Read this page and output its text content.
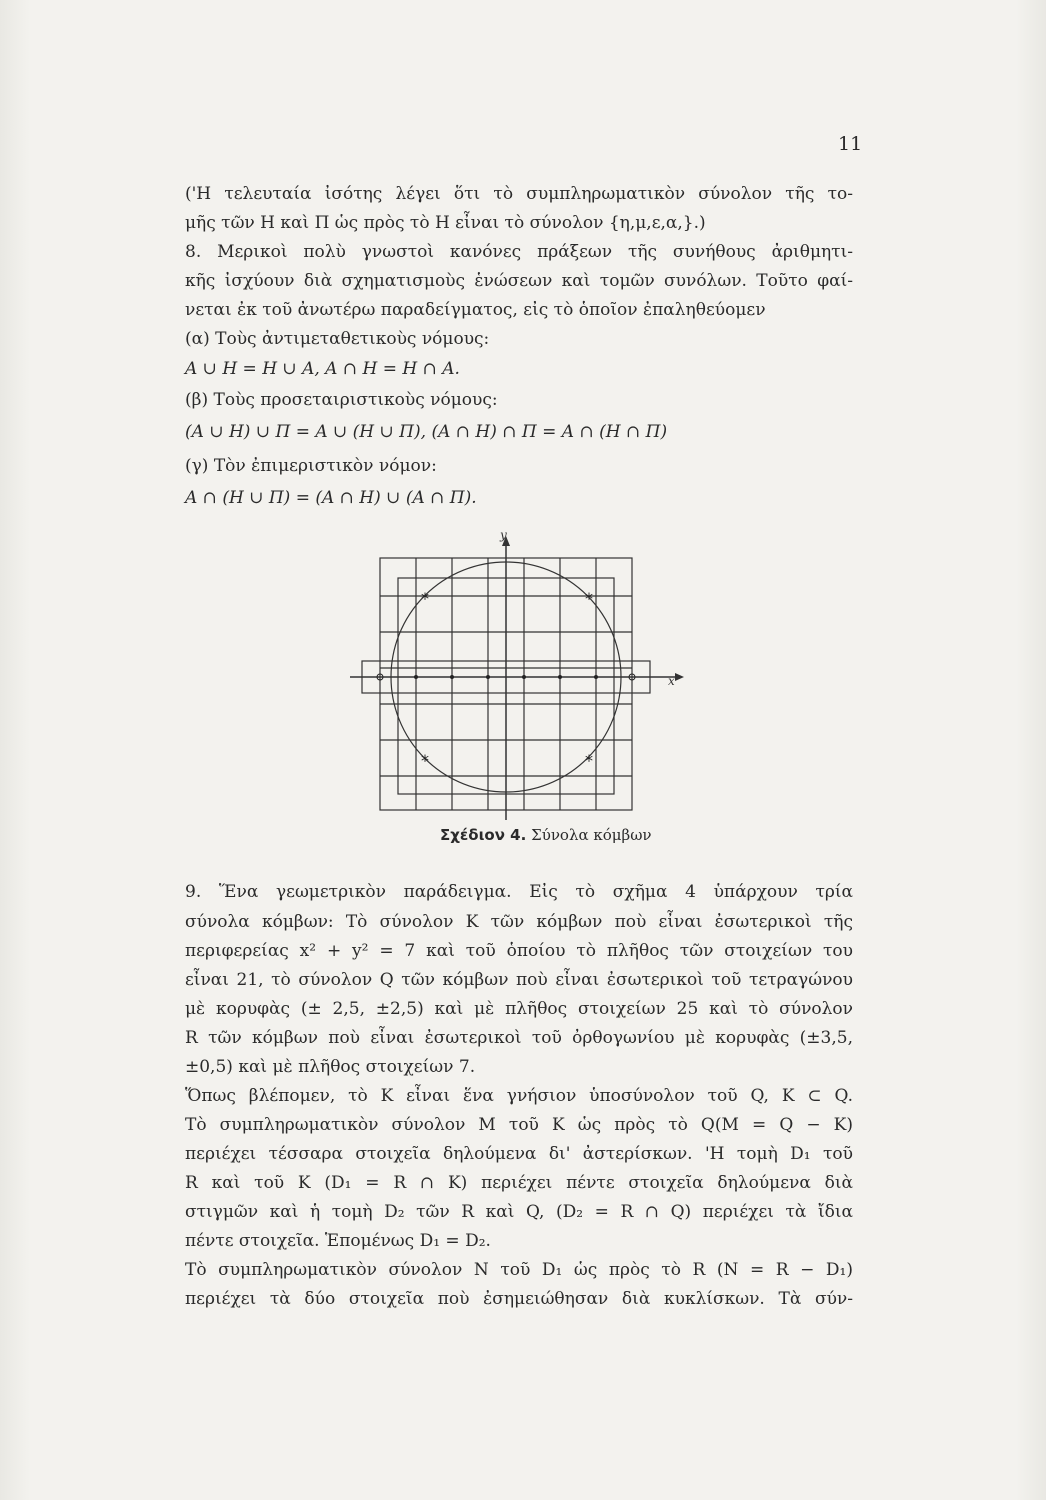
11
('Η τελευταία ἰσότης λέγει ὅτι τὸ συμπληρωματικὸν σύνολον τῆς το-
μῆς τῶν Η καὶ Π ὡς πρὸς τὸ Η εἶναι τὸ σύνολον {η,μ,ε,α,}.)
8. Μερικοὶ πολὺ γνωστοὶ κανόνες πράξεων τῆς συνήθους ἀριθμητι-
κῆς ἰσχύουν διὰ σχηματισμοὺς ἑνώσεων καὶ τομῶν συνόλων. Τοῦτο φαί-
νεται ἐκ τοῦ ἀνωτέρω παραδείγματος, εἰς τὸ ὁποῖον ἐπαληθεύομεν
(α) Τοὺς ἀντιμεταθετικοὺς νόμους:
A ∪ H = H ∪ A, A ∩ H = H ∩ A.
(β) Τοὺς προσεταιριστικοὺς νόμους:
(A ∪ H) ∪ Π = A ∪ (H ∪ Π), (A ∩ H) ∩ Π = A ∩ (H ∩ Π)
(γ) Τὸν ἐπιμεριστικὸν νόμον:
A ∩ (H ∪ Π) = (A ∩ H) ∪ (A ∩ Π).
x
y
*	*
*	*
Σχέδιον 4. Σύνολα κόμβων
9. Ἕνα γεωμετρικὸν παράδειγμα. Εἰς τὸ σχῆμα 4 ὑπάρχουν τρία
σύνολα κόμβων: Τὸ σύνολον K τῶν κόμβων ποὺ εἶναι ἐσωτερικοὶ τῆς
περιφερείας x² + y² = 7 καὶ τοῦ ὁποίου τὸ πλῆθος τῶν στοιχείων του
εἶναι 21, τὸ σύνολον Q τῶν κόμβων ποὺ εἶναι ἐσωτερικοὶ τοῦ τετραγώνου
μὲ κορυφὰς (± 2,5, ±2,5) καὶ μὲ πλῆθος στοιχείων 25 καὶ τὸ σύνολον
R τῶν κόμβων ποὺ εἶναι ἐσωτερικοὶ τοῦ ὀρθογωνίου μὲ κορυφὰς (±3,5,
±0,5) καὶ μὲ πλῆθος στοιχείων 7.
Ὅπως βλέπομεν, τὸ K εἶναι ἕνα γνήσιον ὑποσύνολον τοῦ Q, K ⊂ Q.
Τὸ συμπληρωματικὸν σύνολον M τοῦ K ὡς πρὸς τὸ Q(M = Q − K)
περιέχει τέσσαρα στοιχεῖα δηλούμενα δι' ἀστερίσκων. 'Η τομὴ D₁ τοῦ
R καὶ τοῦ K (D₁ = R ∩ K) περιέχει πέντε στοιχεῖα δηλούμενα διὰ
στιγμῶν καὶ ἡ τομὴ D₂ τῶν R καὶ Q, (D₂ = R ∩ Q) περιέχει τὰ ἴδια
πέντε στοιχεῖα. Ἑπομένως D₁ = D₂.
Τὸ συμπληρωματικὸν σύνολον N τοῦ D₁ ὡς πρὸς τὸ R (N = R − D₁)
περιέχει τὰ δύο στοιχεῖα ποὺ ἐσημειώθησαν διὰ κυκλίσκων. Τὰ σύν-
